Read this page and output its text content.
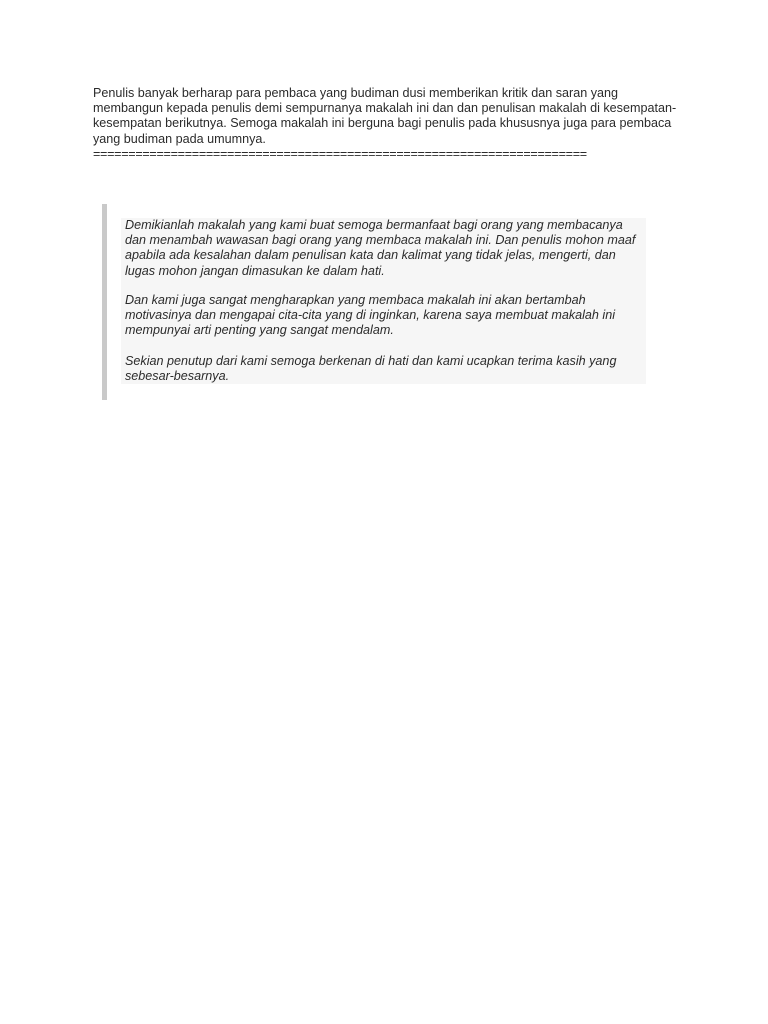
Penulis banyak berharap para pembaca yang budiman dusi memberikan kritik dan saran yang membangun kepada penulis demi sempurnanya makalah ini dan dan penulisan makalah di kesempatan-kesempatan berikutnya. Semoga makalah ini berguna bagi penulis pada khususnya juga para pembaca yang budiman pada umumnya.
======================================================================

Demikianlah makalah yang kami buat semoga bermanfaat bagi orang yang membacanya dan menambah wawasan bagi orang yang membaca makalah ini. Dan penulis mohon maaf apabila ada kesalahan dalam penulisan kata dan kalimat yang tidak jelas, mengerti, dan lugas mohon jangan dimasukan ke dalam hati.

Dan kami juga sangat mengharapkan yang membaca makalah ini akan bertambah motivasinya dan mengapai cita-cita yang di inginkan, karena saya membuat makalah ini mempunyai arti penting yang sangat mendalam.

Sekian penutup dari kami semoga berkenan di hati dan kami ucapkan terima kasih yang sebesar-besarnya.
